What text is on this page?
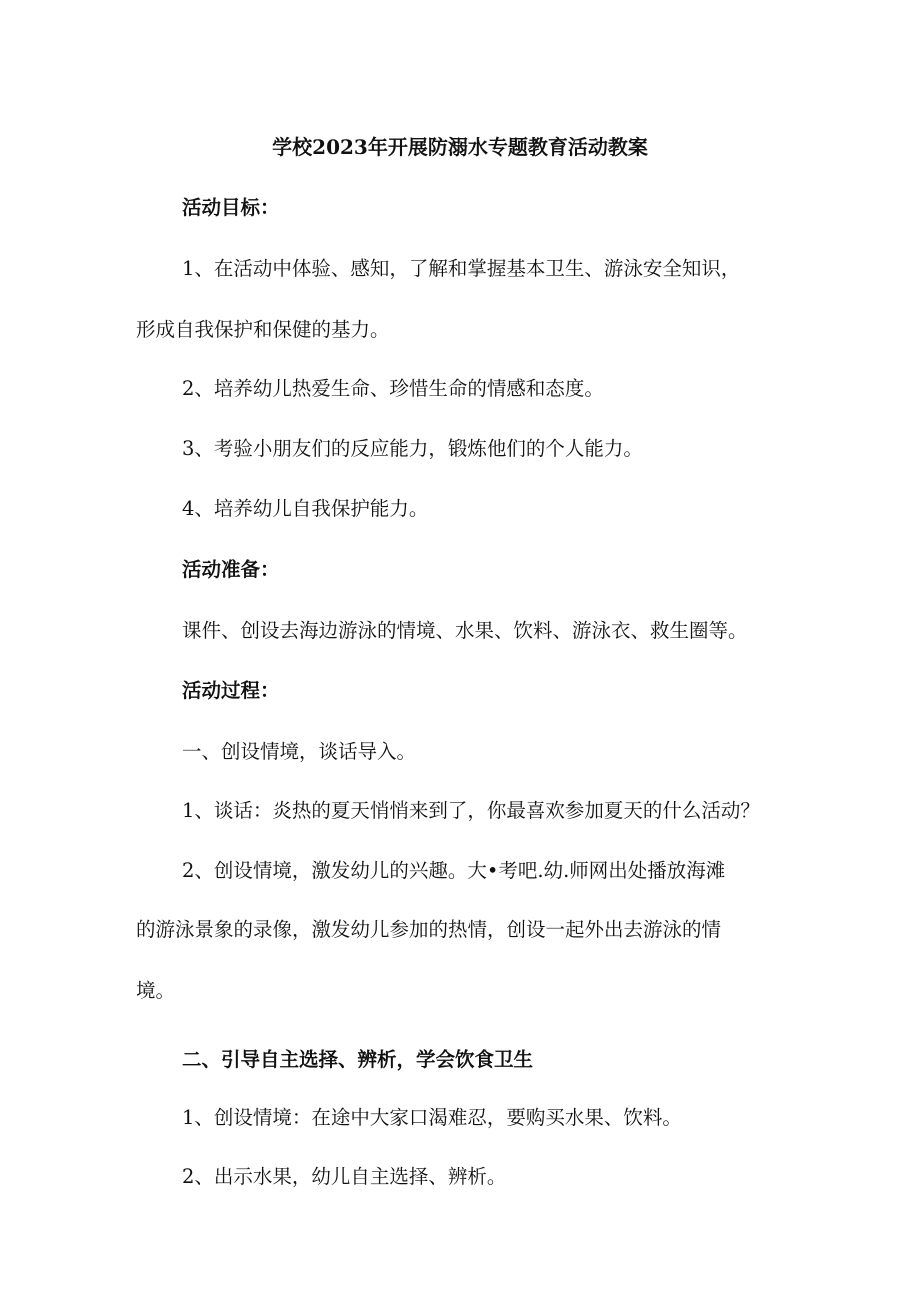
学校2023年开展防溺水专题教育活动教案
活动目标：
1、在活动中体验、感知，了解和掌握基本卫生、游泳安全知识，
形成自我保护和保健的基力。
2、培养幼儿热爱生命、珍惜生命的情感和态度。
3、考验小朋友们的反应能力，锻炼他们的个人能力。
4、培养幼儿自我保护能力。
活动准备：
课件、创设去海边游泳的情境、水果、饮料、游泳衣、救生圈等。
活动过程：
一、创设情境，谈话导入。
1、谈话：炎热的夏天悄悄来到了，你最喜欢参加夏天的什么活动？
2、创设情境，激发幼儿的兴趣。大•考吧.幼.师网出处播放海滩
的游泳景象的录像，激发幼儿参加的热情，创设一起外出去游泳的情
境。
二、引导自主选择、辨析，学会饮食卫生
1、创设情境：在途中大家口渴难忍，要购买水果、饮料。
2、出示水果，幼儿自主选择、辨析。
